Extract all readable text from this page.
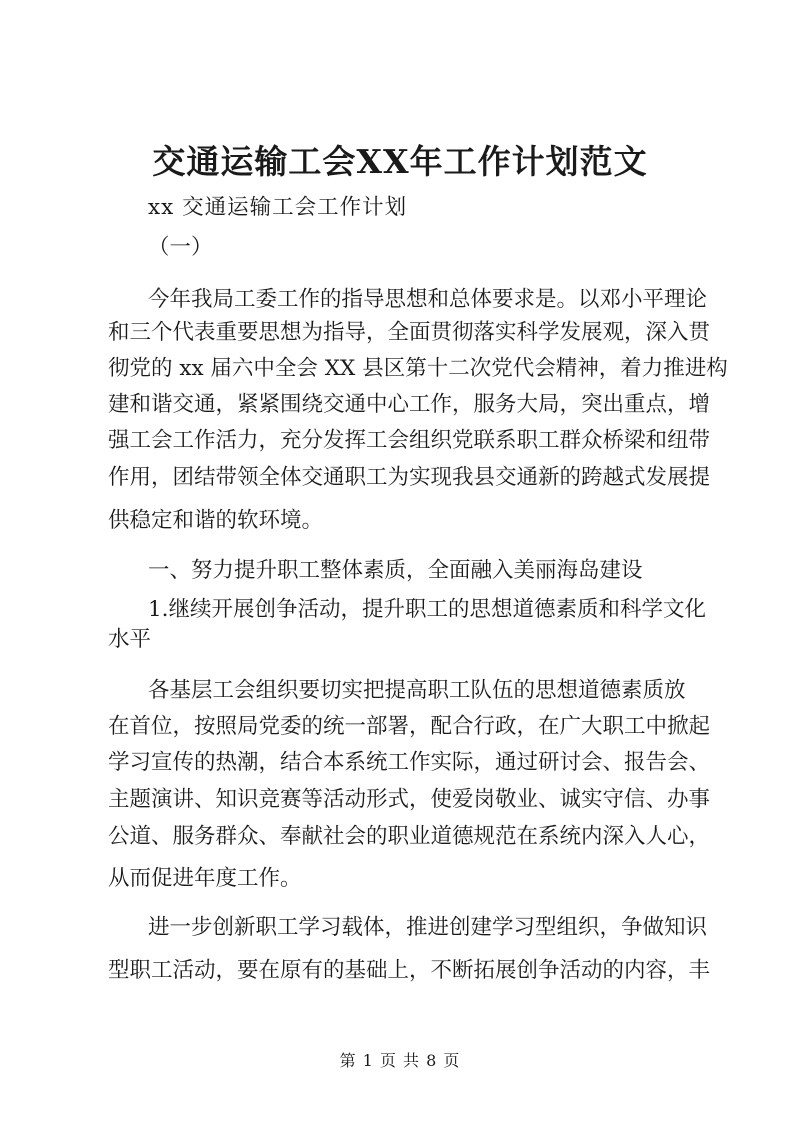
交通运输工会XX年工作计划范文
xx 交通运输工会工作计划
（一）
今年我局工委工作的指导思想和总体要求是。以邓小平理论
和三个代表重要思想为指导，全面贯彻落实科学发展观，深入贯
彻党的 xx 届六中全会 XX 县区第十二次党代会精神，着力推进构
建和谐交通，紧紧围绕交通中心工作，服务大局，突出重点，增
强工会工作活力，充分发挥工会组织党联系职工群众桥梁和纽带
作用，团结带领全体交通职工为实现我县交通新的跨越式发展提
供稳定和谐的软环境。
一、努力提升职工整体素质，全面融入美丽海岛建设
1.继续开展创争活动，提升职工的思想道德素质和科学文化
水平
各基层工会组织要切实把提高职工队伍的思想道德素质放
在首位，按照局党委的统一部署，配合行政，在广大职工中掀起
学习宣传的热潮，结合本系统工作实际，通过研讨会、报告会、
主题演讲、知识竞赛等活动形式，使爱岗敬业、诚实守信、办事
公道、服务群众、奉献社会的职业道德规范在系统内深入人心，
从而促进年度工作。
进一步创新职工学习载体，推进创建学习型组织，争做知识
型职工活动，要在原有的基础上，不断拓展创争活动的内容，丰
第 1 页 共 8 页
